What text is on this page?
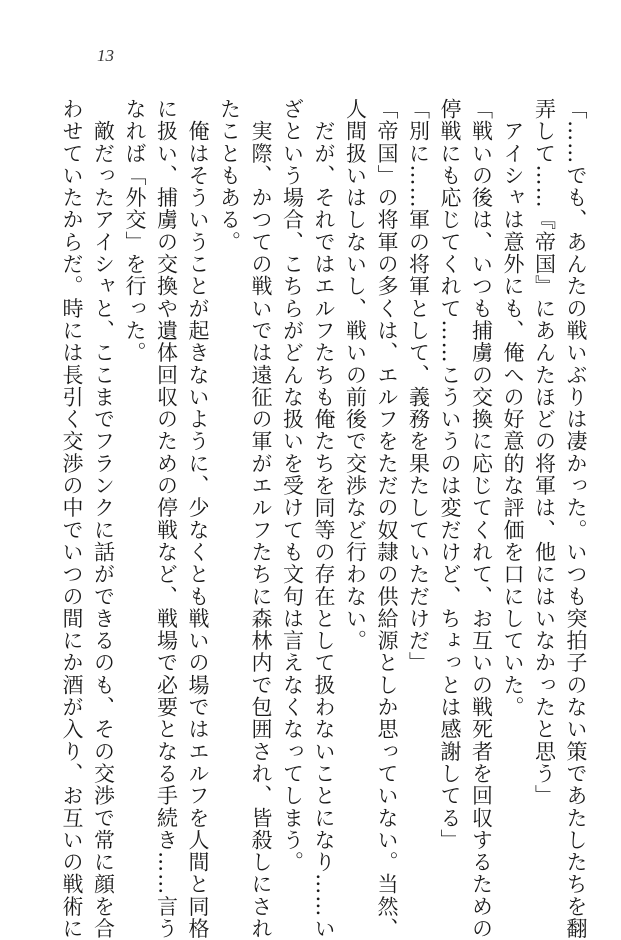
13
「……でも、あんたの戦いぶりは凄かった。いつも突拍子のない策であたしたちを翻
弄して……『帝国』にあんたほどの将軍は、他にはいなかったと思う」
　アイシャは意外にも、俺への好意的な評価を口にしていた。
「戦いの後は、いつも捕虜の交換に応じてくれて、お互いの戦死者を回収するための
停戦にも応じてくれて……こういうのは変だけど、ちょっとは感謝してる」
「別に……軍の将軍として、義務を果たしていただけだ」
「帝国」の将軍の多くは、エルフをただの奴隷の供給源としか思っていない。当然、
人間扱いはしないし、戦いの前後で交渉など行わない。
　だが、それではエルフたちも俺たちを同等の存在として扱わないことになり……い
ざという場合、こちらがどんな扱いを受けても文句は言えなくなってしまう。
　実際、かつての戦いでは遠征の軍がエルフたちに森林内で包囲され、皆殺しにされ
たこともある。
　俺はそういうことが起きないように、少なくとも戦いの場ではエルフを人間と同格
に扱い、捕虜の交換や遺体回収のための停戦など、戦場で必要となる手続き……言う
なれば「外交」を行った。
　敵だったアイシャと、ここまでフランクに話ができるのも、その交渉で常に顔を合
わせていたからだ。時には長引く交渉の中でいつの間にか酒が入り、お互いの戦術に
